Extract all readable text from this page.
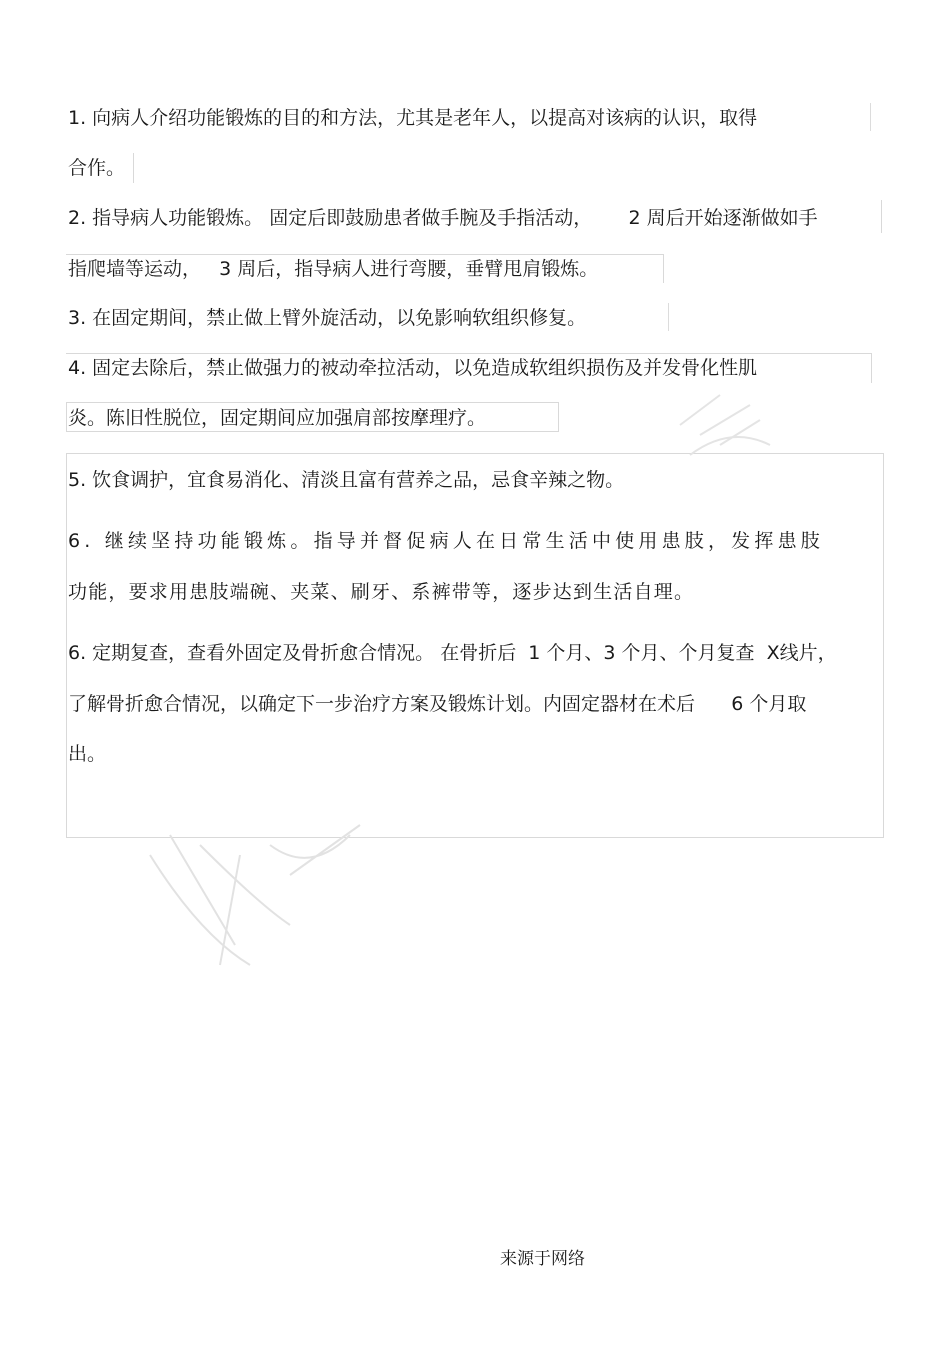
1. 向病人介绍功能锻炼的目的和方法，尤其是老年人，以提高对该病的认识，取得
合作。
2. 指导病人功能锻炼。 固定后即鼓励患者做手腕及手指活动，      2 周后开始逐渐做如手
指爬墙等运动，   3 周后，指导病人进行弯腰，垂臂甩肩锻炼。
3. 在固定期间，禁止做上臂外旋活动，以免影响软组织修复。
4. 固定去除后，禁止做强力的被动牵拉活动，以免造成软组织损伤及并发骨化性肌
炎。陈旧性脱位，固定期间应加强肩部按摩理疗。
5. 饮食调护，宜食易消化、清淡且富有营养之品，忌食辛辣之物。
6. 继续坚持功能锻炼。指导并督促病人在日常生活中使用患肢，发挥患肢
功能，要求用患肢端碗、夹菜、刷牙、系裤带等，逐步达到生活自理。
6. 定期复查，查看外固定及骨折愈合情况。 在骨折后  1 个月、3 个月、个月复查  X线片，
了解骨折愈合情况，以确定下一步治疗方案及锻炼计划。内固定器材在术后      6 个月取
出。
来源于网络
